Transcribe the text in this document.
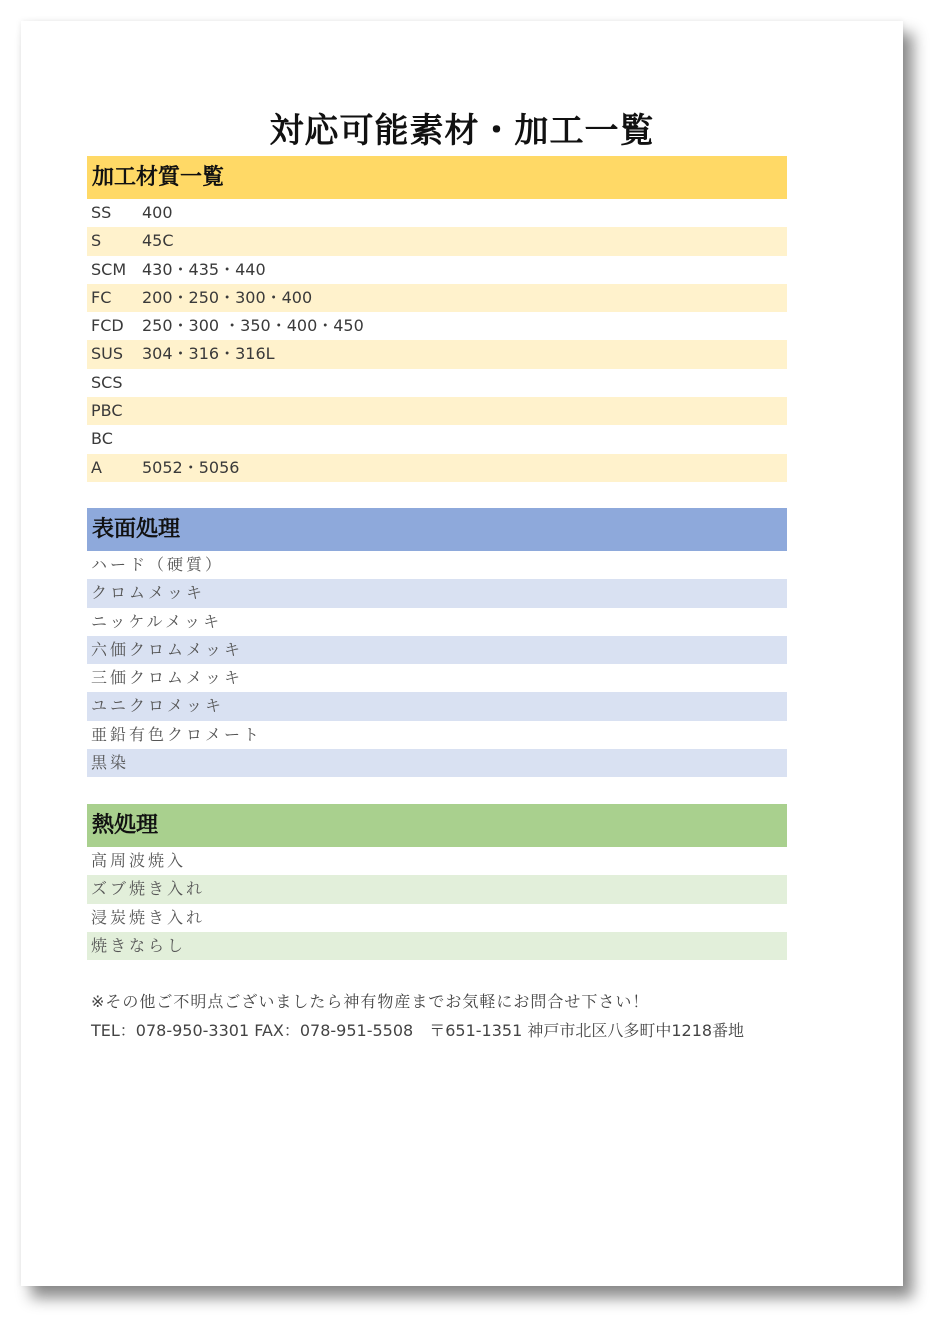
対応可能素材・加工一覧
加工材質一覧
SS	400
S	45C
SCM 430・435・440
FC	200・250・300・400
FCD	250・300 ・350・400・450
SUS	304・316・316L
SCS
PBC
BC
A	5052・5056
表面処理
ハード（硬質）
クロムメッキ
ニッケルメッキ
六価クロムメッキ
三価クロムメッキ
ユニクロメッキ
亜鉛有色クロメート
黒染
熱処理
高周波焼入
ズブ焼き入れ
浸炭焼き入れ
焼きならし
※その他ご不明点ございましたら神有物産までお気軽にお問合せ下さい！
TEL：078-950-3301 FAX：078-951-5508　〒651-1351 神戸市北区八多町中1218番地
